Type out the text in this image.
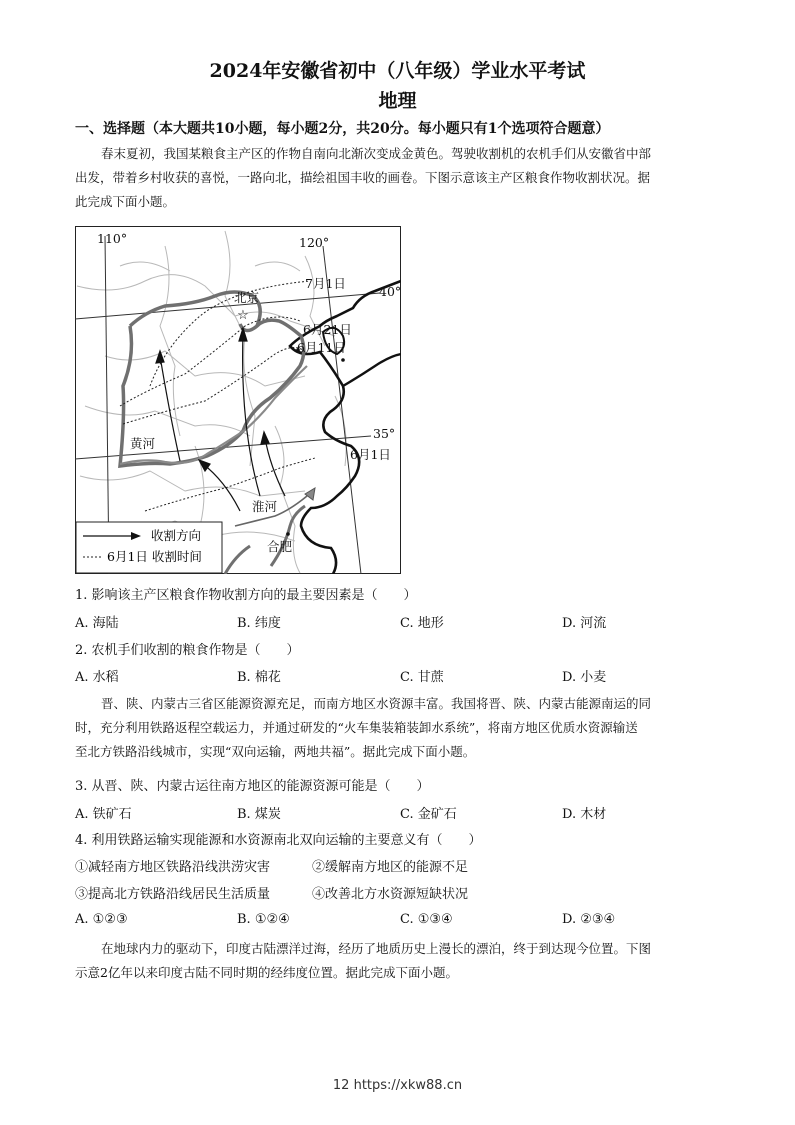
2024年安徽省初中（八年级）学业水平考试
地理
一、选择题（本大题共10小题，每小题2分，共20分。每小题只有1个选项符合题意）
春末夏初，我国某粮食主产区的作物自南向北渐次变成金黄色。驾驶收割机的农机手们从安徽省中部
出发，带着乡村收获的喜悦，一路向北，描绘祖国丰收的画卷。下图示意该主产区粮食作物收割状况。据
此完成下面小题。
☆
110°	120°
40°
35°
北京
7月1日
6月21日
6月11日
6月1日
黄河
淮河
合肥
收割方向
6月1日 收割时间
1. 影响该主产区粮食作物收割方向的最主要因素是（　　）
A. 海陆	B. 纬度	C. 地形	D. 河流
2. 农机手们收割的粮食作物是（　　）
A. 水稻	B. 棉花	C. 甘蔗	D. 小麦
晋、陕、内蒙古三省区能源资源充足，而南方地区水资源丰富。我国将晋、陕、内蒙古能源南运的同
时，充分利用铁路返程空载运力，并通过研发的“火车集装箱装卸水系统”，将南方地区优质水资源输送
至北方铁路沿线城市，实现“双向运输，两地共福”。据此完成下面小题。
3. 从晋、陕、内蒙古运往南方地区的能源资源可能是（　　）
A. 铁矿石	B. 煤炭	C. 金矿石	D. 木材
4. 利用铁路运输实现能源和水资源南北双向运输的主要意义有（　　）
①减轻南方地区铁路沿线洪涝灾害	②缓解南方地区的能源不足
③提高北方铁路沿线居民生活质量	④改善北方水资源短缺状况
A. ①②③	B. ①②④	C. ①③④	D. ②③④
在地球内力的驱动下，印度古陆漂洋过海，经历了地质历史上漫长的漂泊，终于到达现今位置。下图
示意2亿年以来印度古陆不同时期的经纬度位置。据此完成下面小题。
12 https://xkw88.cn
